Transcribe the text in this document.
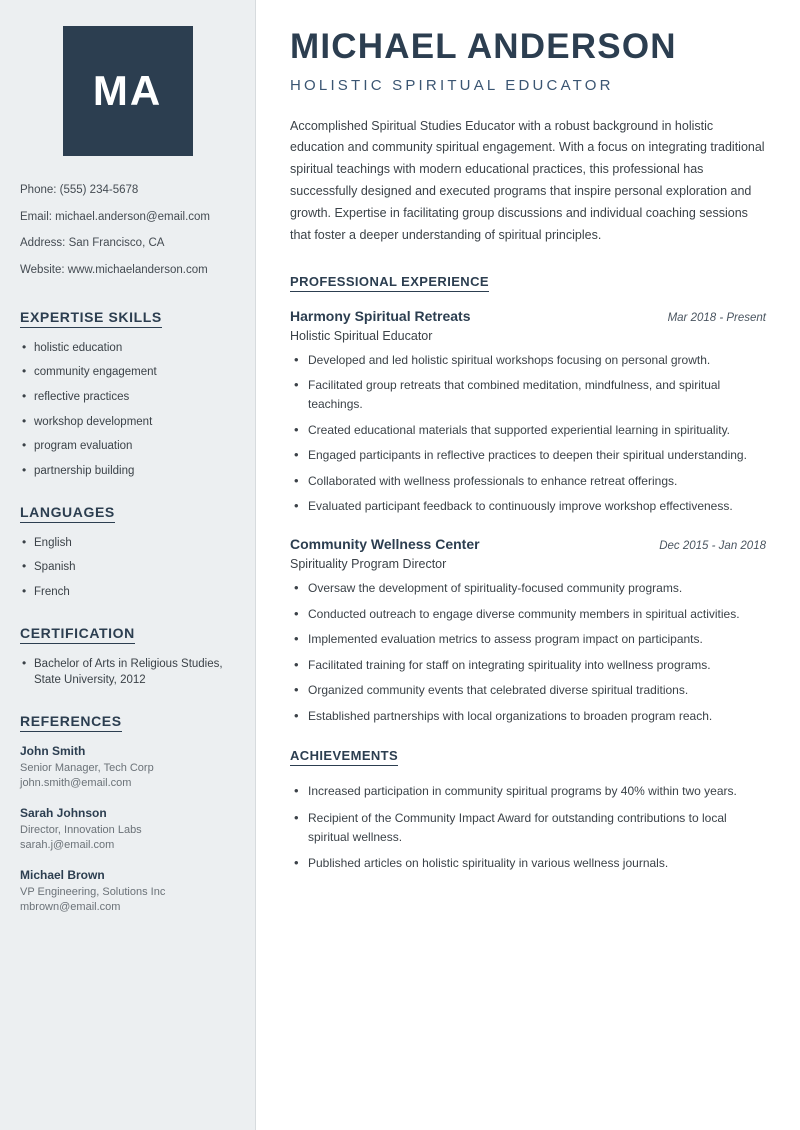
MA
Phone: (555) 234-5678
Email: michael.anderson@email.com
Address: San Francisco, CA
Website: www.michaelanderson.com
EXPERTISE SKILLS
• holistic education
• community engagement
• reflective practices
• workshop development
• program evaluation
• partnership building
LANGUAGES
• English
• Spanish
• French
CERTIFICATION
• Bachelor of Arts in Religious Studies, State University, 2012
REFERENCES
John Smith
Senior Manager, Tech Corp
john.smith@email.com
Sarah Johnson
Director, Innovation Labs
sarah.j@email.com
Michael Brown
VP Engineering, Solutions Inc
mbrown@email.com
MICHAEL ANDERSON
HOLISTIC SPIRITUAL EDUCATOR

Accomplished Spiritual Studies Educator with a robust background in holistic education and community spiritual engagement. With a focus on integrating traditional spiritual teachings with modern educational practices, this professional has successfully designed and executed programs that inspire personal exploration and growth. Expertise in facilitating group discussions and individual coaching sessions that foster a deeper understanding of spiritual principles.

PROFESSIONAL EXPERIENCE
Harmony Spiritual Retreats	Mar 2018 - Present
Holistic Spiritual Educator
• Developed and led holistic spiritual workshops focusing on personal growth.
• Facilitated group retreats that combined meditation, mindfulness, and spiritual teachings.
• Created educational materials that supported experiential learning in spirituality.
• Engaged participants in reflective practices to deepen their spiritual understanding.
• Collaborated with wellness professionals to enhance retreat offerings.
• Evaluated participant feedback to continuously improve workshop effectiveness.
Community Wellness Center	Dec 2015 - Jan 2018
Spirituality Program Director
• Oversaw the development of spirituality-focused community programs.
• Conducted outreach to engage diverse community members in spiritual activities.
• Implemented evaluation metrics to assess program impact on participants.
• Facilitated training for staff on integrating spirituality into wellness programs.
• Organized community events that celebrated diverse spiritual traditions.
• Established partnerships with local organizations to broaden program reach.
ACHIEVEMENTS
• Increased participation in community spiritual programs by 40% within two years.
• Recipient of the Community Impact Award for outstanding contributions to local spiritual wellness.
• Published articles on holistic spirituality in various wellness journals.
